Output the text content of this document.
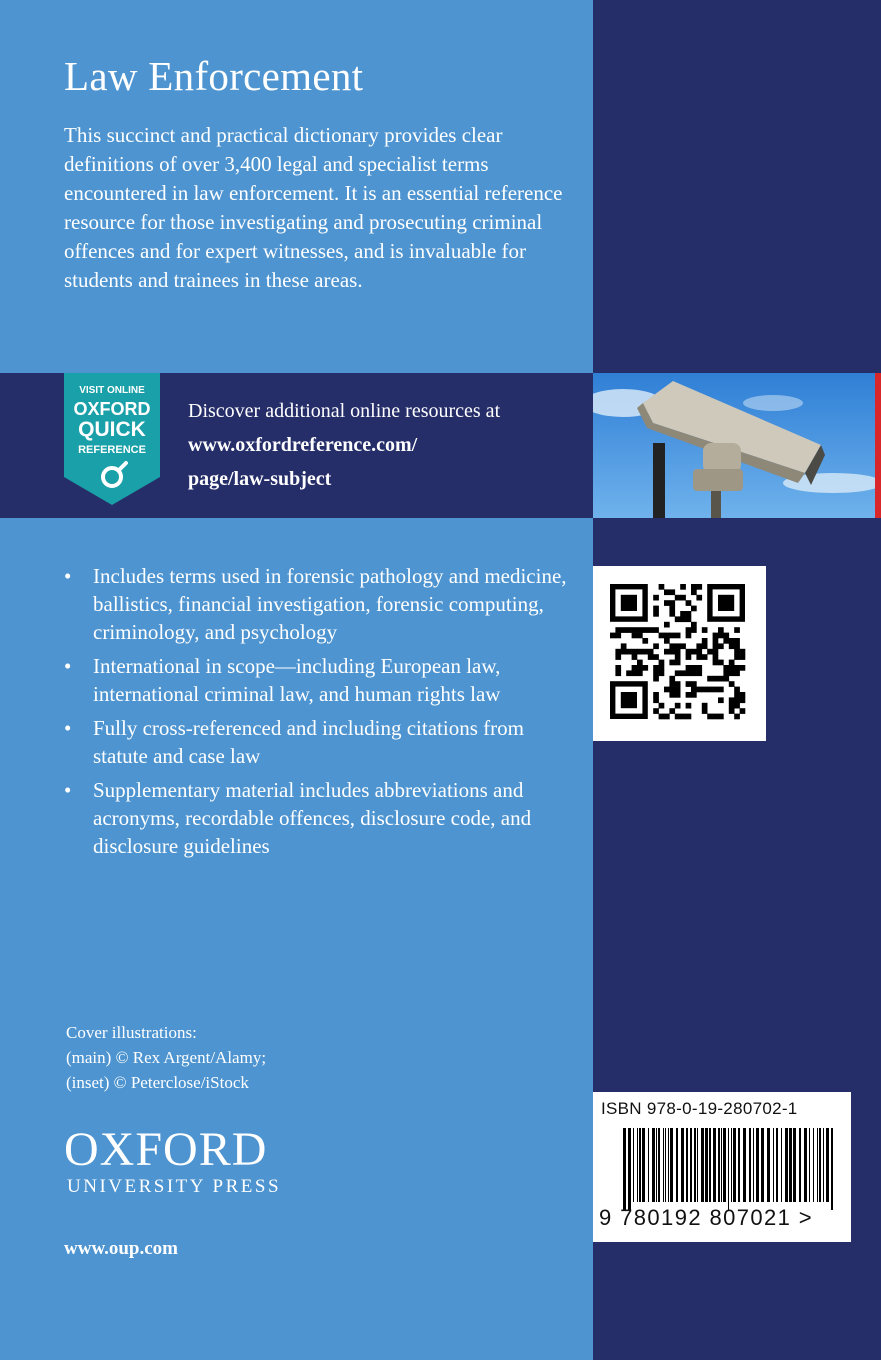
Law Enforcement

This succinct and practical dictionary provides clear definitions of over 3,400 legal and specialist terms encountered in law enforcement. It is an essential reference resource for those investigating and prosecuting criminal offences and for expert witnesses, and is invaluable for students and trainees in these areas.

VISIT ONLINE
OXFORD
QUICK
REFERENCE
Discover additional online resources at
www.oxfordreference.com/
page/law-subject
• Includes terms used in forensic pathology and medicine, ballistics, financial investigation, forensic computing, criminology, and psychology
• International in scope—including European law, international criminal law, and human rights law
• Fully cross-referenced and including citations from statute and case law
• Supplementary material includes abbreviations and acronyms, recordable offences, disclosure code, and disclosure guidelines
Cover illustrations:
(main) © Rex Argent/Alamy;
(inset) © Peterclose/iStock
OXFORD
UNIVERSITY PRESS
www.oup.com
ISBN 978-0-19-280702-1
9 780192 807021 >
